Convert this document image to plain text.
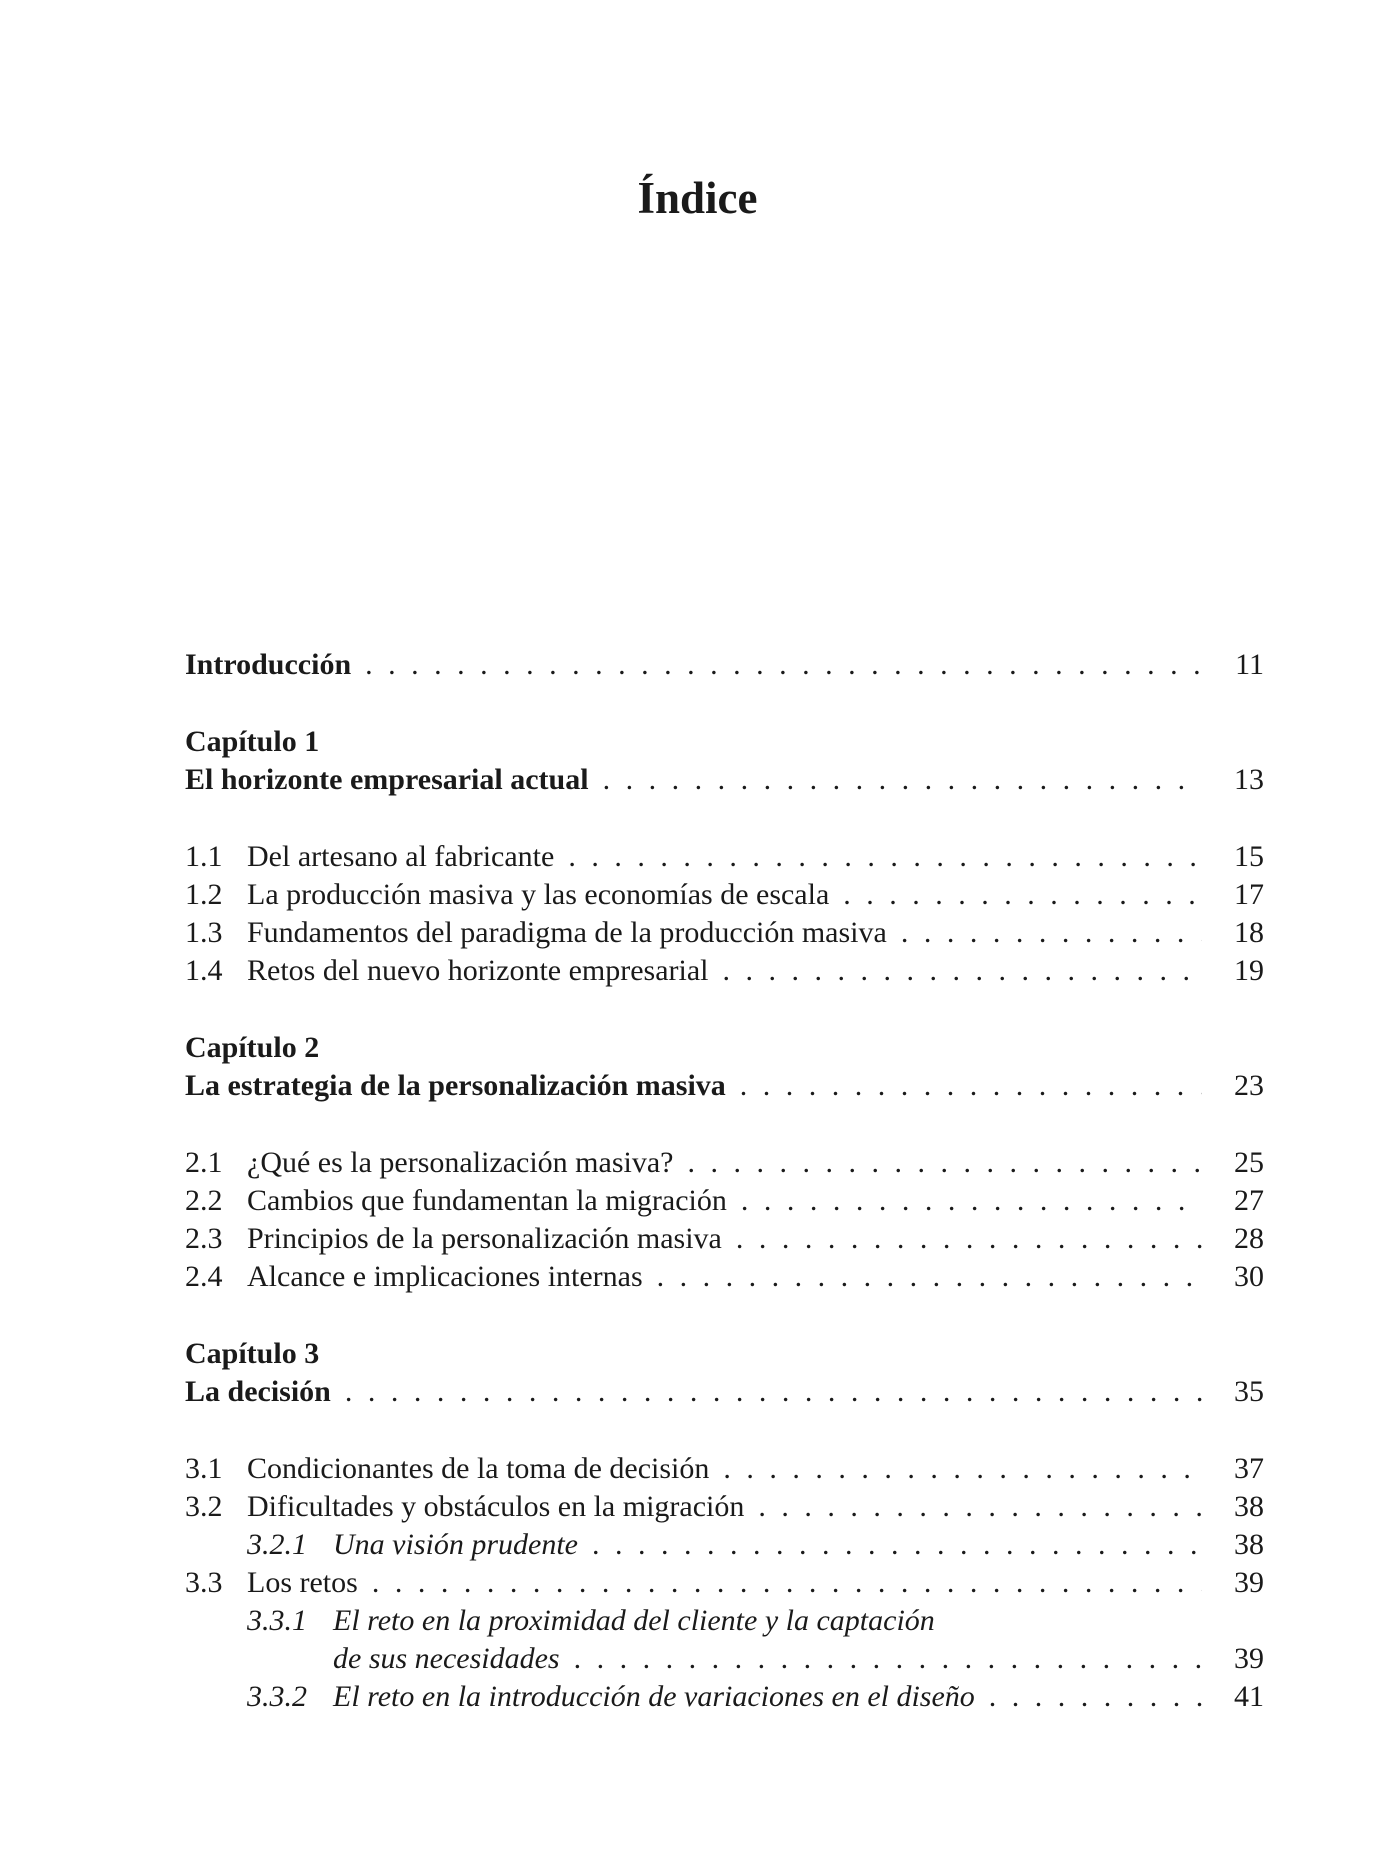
Índice
Introducción . . .	11
Capítulo 1
El horizonte empresarial actual . . .	13
1.1 Del artesano al fabricante . . .	15
1.2 La producción masiva y las economías de escala . . .	17
1.3 Fundamentos del paradigma de la producción masiva . . .	18
1.4 Retos del nuevo horizonte empresarial . . .	19
Capítulo 2
La estrategia de la personalización masiva . . .	23
2.1 ¿Qué es la personalización masiva? . . .	25
2.2 Cambios que fundamentan la migración . . .	27
2.3 Principios de la personalización masiva . . .	28
2.4 Alcance e implicaciones internas . . .	30
Capítulo 3
La decisión . . .	35
3.1 Condicionantes de la toma de decisión . . .	37
3.2 Dificultades y obstáculos en la migración . . .	38
3.2.1 Una visión prudente . . .	38
3.3 Los retos . . .	39
3.3.1 El reto en la proximidad del cliente y la captación
de sus necesidades . . .	39
3.3.2 El reto en la introducción de variaciones en el diseño . . .	41
